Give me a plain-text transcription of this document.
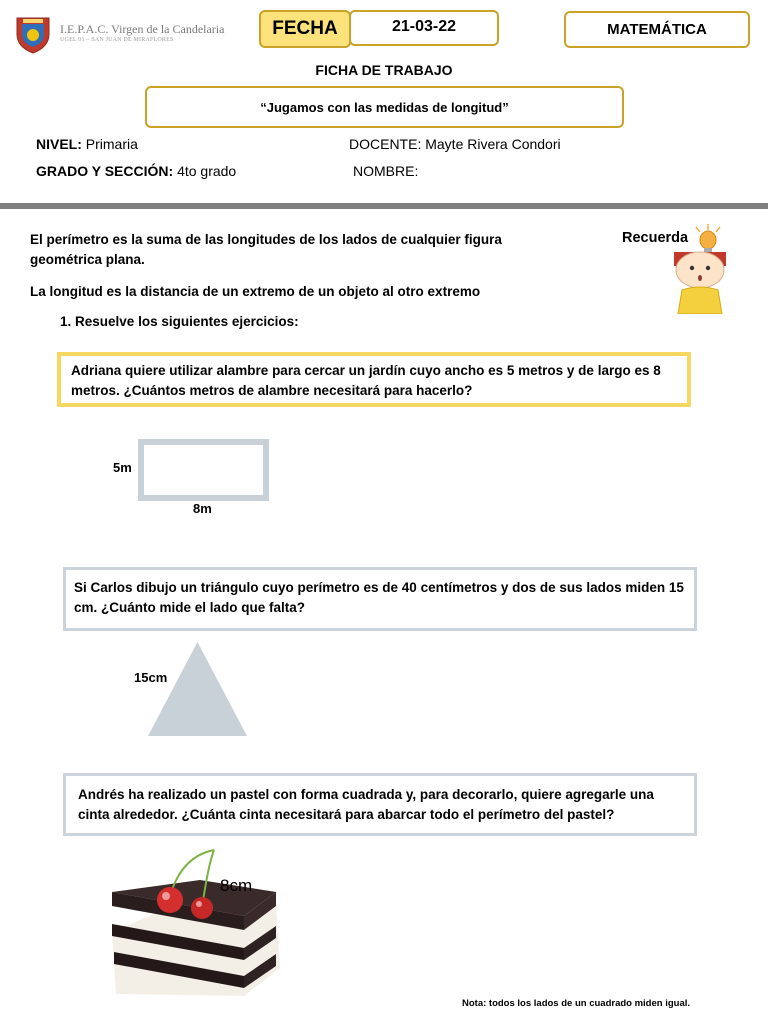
I.E.P.A.C. Virgen de la Candelaria
UGEL 01 – SAN JUAN DE MIRAFLORES
FECHA	21-03-22	MATEMÁTICA
FICHA DE TRABAJO
“Jugamos con las medidas de longitud”
NIVEL: Primaria	DOCENTE: Mayte Rivera Condori
GRADO Y SECCIÓN: 4to grado	NOMBRE:
El perímetro es la suma de las longitudes de los lados de cualquier figura geométrica plana.
La longitud es la distancia de un extremo de un objeto al otro extremo
1. Resuelve los siguientes ejercicios:
Recuerda
Adriana quiere utilizar alambre para cercar un jardín cuyo ancho es 5 metros y de largo es 8 metros. ¿Cuántos metros de alambre necesitará para hacerlo?
5m
8m
Si Carlos dibujo un triángulo cuyo perímetro es de 40 centímetros y dos de sus lados miden 15 cm. ¿Cuánto mide el lado que falta?
15cm
Andrés ha realizado un pastel con forma cuadrada y, para decorarlo, quiere agregarle una cinta alrededor. ¿Cuánta cinta necesitará para abarcar todo el perímetro del pastel?
8cm
Nota: todos los lados de un cuadrado miden igual.
